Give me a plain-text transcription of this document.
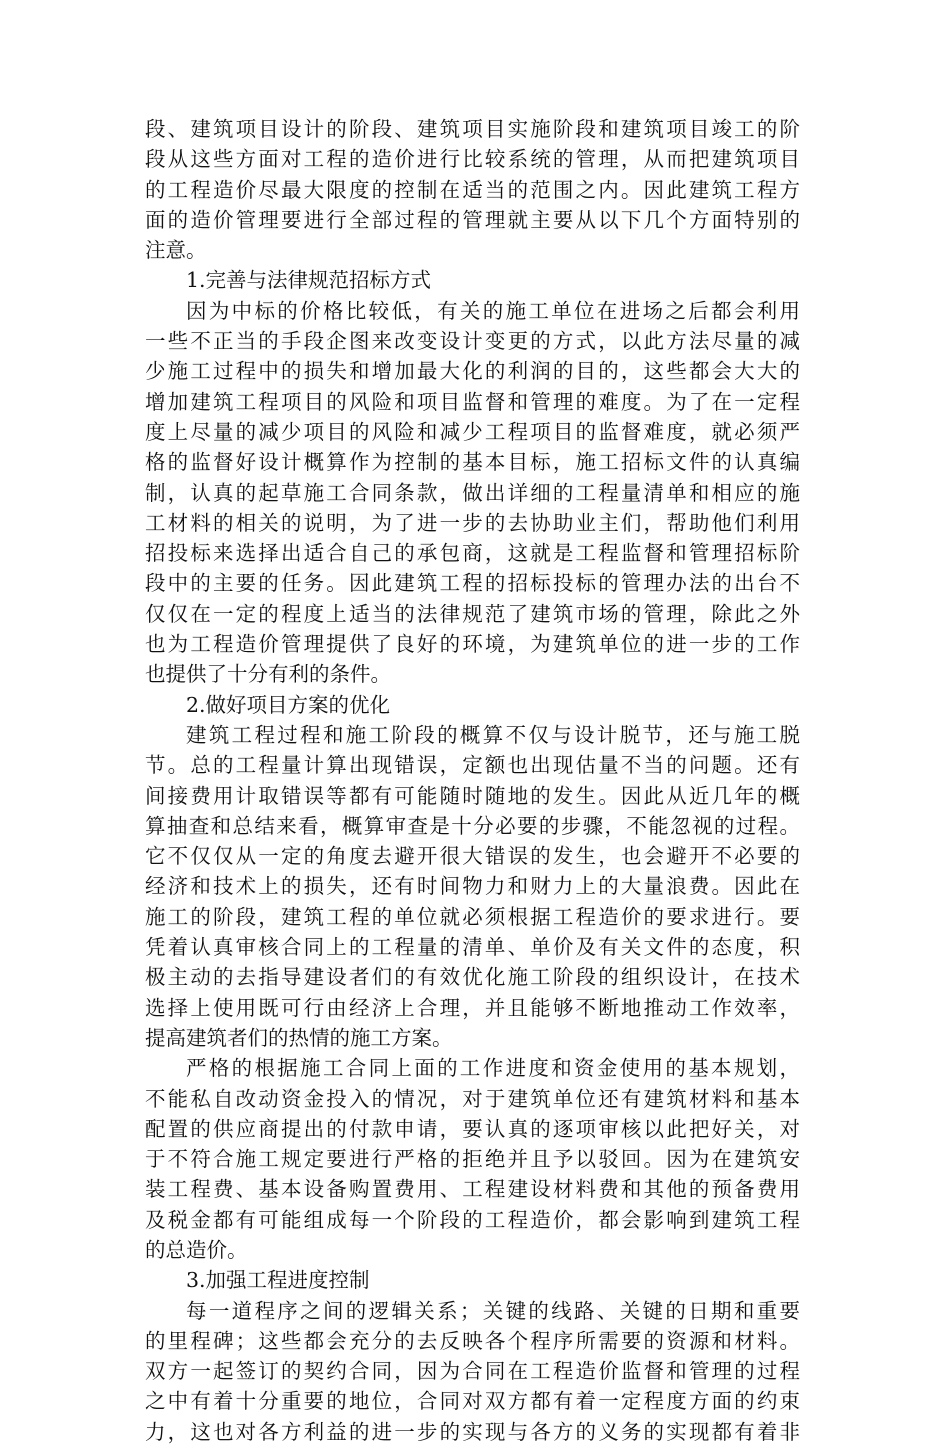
段、建筑项目设计的阶段、建筑项目实施阶段和建筑项目竣工的阶
段从这些方面对工程的造价进行比较系统的管理，从而把建筑项目
的工程造价尽最大限度的控制在适当的范围之内。因此建筑工程方
面的造价管理要进行全部过程的管理就主要从以下几个方面特别的
注意。
1.完善与法律规范招标方式
因为中标的价格比较低，有关的施工单位在进场之后都会利用
一些不正当的手段企图来改变设计变更的方式，以此方法尽量的减
少施工过程中的损失和增加最大化的利润的目的，这些都会大大的
增加建筑工程项目的风险和项目监督和管理的难度。为了在一定程
度上尽量的减少项目的风险和减少工程项目的监督难度，就必须严
格的监督好设计概算作为控制的基本目标，施工招标文件的认真编
制，认真的起草施工合同条款，做出详细的工程量清单和相应的施
工材料的相关的说明，为了进一步的去协助业主们，帮助他们利用
招投标来选择出适合自己的承包商，这就是工程监督和管理招标阶
段中的主要的任务。因此建筑工程的招标投标的管理办法的出台不
仅仅在一定的程度上适当的法律规范了建筑市场的管理，除此之外
也为工程造价管理提供了良好的环境，为建筑单位的进一步的工作
也提供了十分有利的条件。
2.做好项目方案的优化
建筑工程过程和施工阶段的概算不仅与设计脱节，还与施工脱
节。总的工程量计算出现错误，定额也出现估量不当的问题。还有
间接费用计取错误等都有可能随时随地的发生。因此从近几年的概
算抽查和总结来看，概算审查是十分必要的步骤，不能忽视的过程。
它不仅仅从一定的角度去避开很大错误的发生，也会避开不必要的
经济和技术上的损失，还有时间物力和财力上的大量浪费。因此在
施工的阶段，建筑工程的单位就必须根据工程造价的要求进行。要
凭着认真审核合同上的工程量的清单、单价及有关文件的态度，积
极主动的去指导建设者们的有效优化施工阶段的组织设计，在技术
选择上使用既可行由经济上合理，并且能够不断地推动工作效率，
提高建筑者们的热情的施工方案。
严格的根据施工合同上面的工作进度和资金使用的基本规划，
不能私自改动资金投入的情况，对于建筑单位还有建筑材料和基本
配置的供应商提出的付款申请，要认真的逐项审核以此把好关，对
于不符合施工规定要进行严格的拒绝并且予以驳回。因为在建筑安
装工程费、基本设备购置费用、工程建设材料费和其他的预备费用
及税金都有可能组成每一个阶段的工程造价，都会影响到建筑工程
的总造价。
3.加强工程进度控制
每一道程序之间的逻辑关系；关键的线路、关键的日期和重要
的里程碑；这些都会充分的去反映各个程序所需要的资源和材料。
双方一起签订的契约合同，因为合同在工程造价监督和管理的过程
之中有着十分重要的地位，合同对双方都有着一定程度方面的约束
力，这也对各方利益的进一步的实现与各方的义务的实现都有着非
